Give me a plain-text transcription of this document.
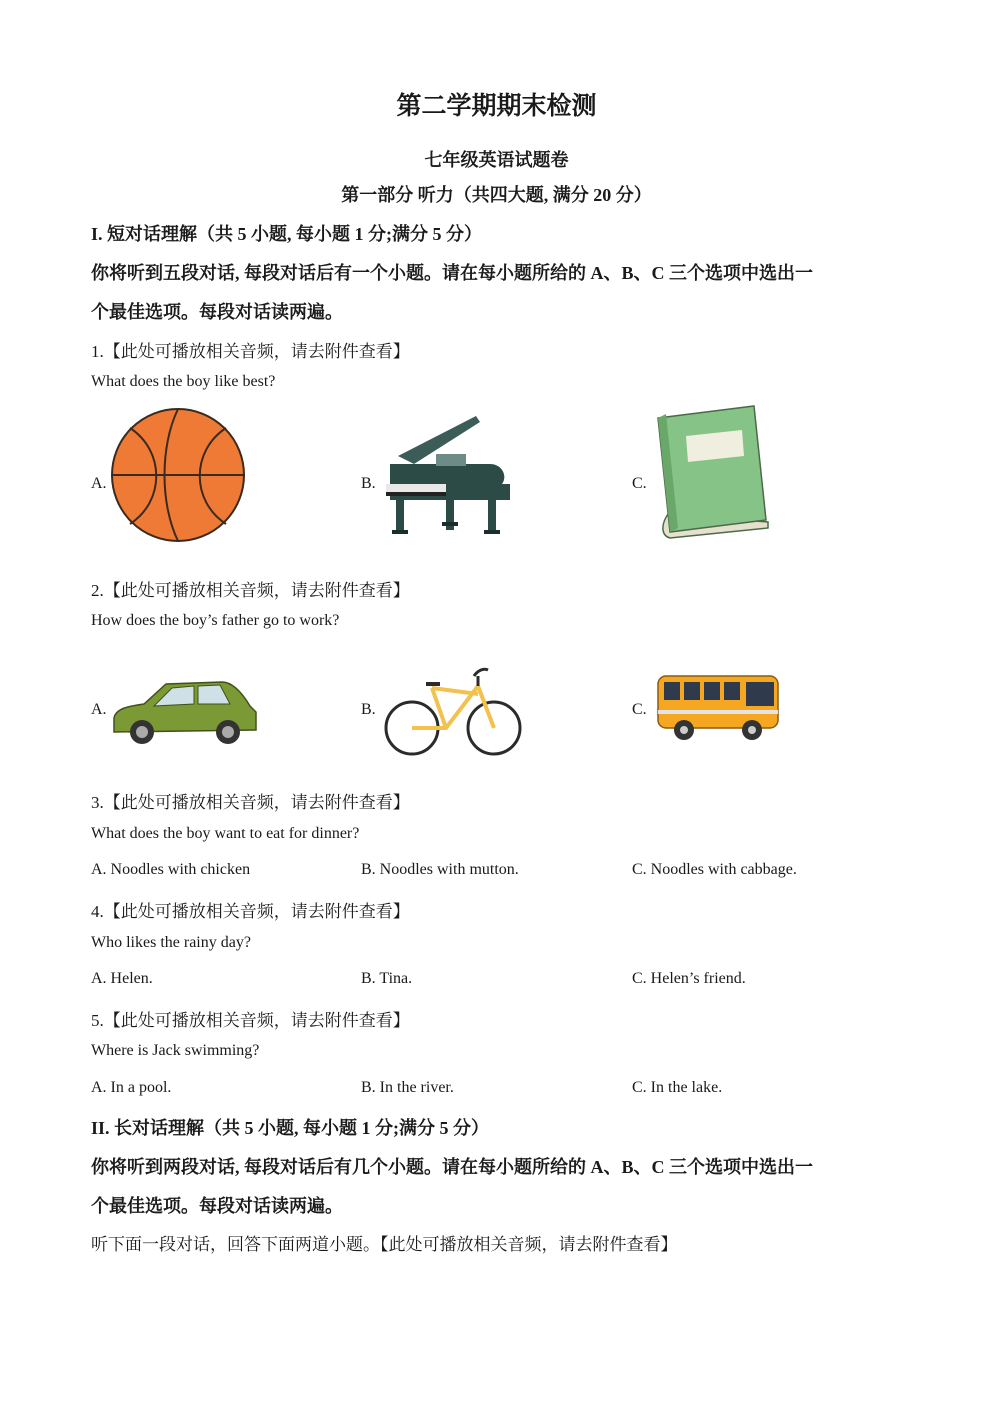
第二学期期末检测
七年级英语试题卷
第一部分 听力（共四大题, 满分 20 分）
I. 短对话理解（共 5 小题, 每小题 1 分;满分 5 分）
你将听到五段对话, 每段对话后有一个小题。请在每小题所给的 A、B、C 三个选项中选出一
个最佳选项。每段对话读两遍。
1.【此处可播放相关音频，请去附件查看】
What does the boy like best?
A.	B.	C.
2.【此处可播放相关音频，请去附件查看】
How does the boy’s father go to work?
A.	B.	C.
3.【此处可播放相关音频，请去附件查看】
What does the boy want to eat for dinner?
A. Noodles with chicken	B. Noodles with mutton.	C. Noodles with cabbage.
4.【此处可播放相关音频，请去附件查看】
Who likes the rainy day?
A. Helen.	B. Tina.	C. Helen’s friend.
5.【此处可播放相关音频，请去附件查看】
Where is Jack swimming?
A. In a pool.	B. In the river.	C. In the lake.
II. 长对话理解（共 5 小题, 每小题 1 分;满分 5 分）
你将听到两段对话, 每段对话后有几个小题。请在每小题所给的 A、B、C 三个选项中选出一
个最佳选项。每段对话读两遍。
听下面一段对话，回答下面两道小题。【此处可播放相关音频，请去附件查看】
